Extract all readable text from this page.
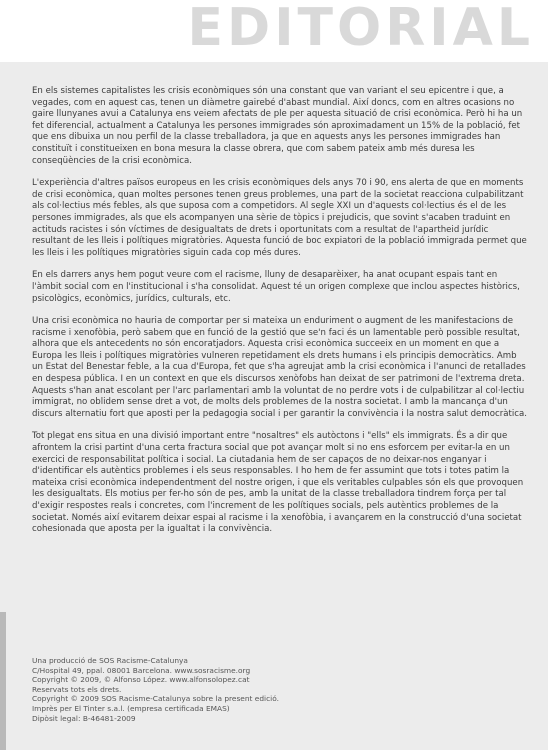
EDITORIAL

En els sistemes capitalistes les crisis econòmiques són una constant que van variant el seu epicentre i que, a vegades, com en aquest cas, tenen un diàmetre gairebé d'abast mundial. Així doncs, com en altres ocasions no gaire llunyanes avui a Catalunya ens veiem afectats de ple per aquesta situació de crisi econòmica. Però hi ha un fet diferencial, actualment a Catalunya les persones immigrades són aproximadament un 15% de la població, fet que ens dibuixa un nou perfil de la classe treballadora, ja que en aquests anys les persones immigrades han constituït i constitueixen en bona mesura la classe obrera, que com sabem pateix amb més duresa les conseqüències de la crisi econòmica.

L'experiència d'altres països europeus en les crisis econòmiques dels anys 70 i 90, ens alerta de que en moments de crisi econòmica, quan moltes persones tenen greus problemes, una part de la societat reacciona culpabilitzant als col·lectius més febles, als que suposa com a competidors. Al segle XXI un d'aquests col·lectius és el de les persones immigrades, als que els acompanyen una sèrie de tòpics i prejudicis, que sovint s'acaben traduint en actituds racistes i són víctimes de desigualtats de drets i oportunitats com a resultat de l'apartheid jurídic resultant de les lleis i polítiques migratòries. Aquesta funció de boc expiatori de la població immigrada permet que les lleis i les polítiques migratòries siguin cada cop més dures.

En els darrers anys hem pogut veure com el racisme, lluny de desaparèixer, ha anat ocupant espais tant en l'àmbit social com en l'institucional i s'ha consolidat. Aquest té un origen complexe que inclou aspectes històrics, psicològics, econòmics, jurídics, culturals, etc.

Una crisi econòmica no hauria de comportar per si mateixa un enduriment o augment de les manifestacions de racisme i xenofòbia, però sabem que en funció de la gestió que se'n faci és un lamentable però possible resultat, alhora que els antecedents no són encoratjadors. Aquesta crisi econòmica succeeix en un moment en que a Europa les lleis i polítiques migratòries vulneren repetidament els drets humans i els principis democràtics. Amb un Estat del Benestar feble, a la cua d'Europa, fet que s'ha agreujat amb la crisi econòmica i l'anunci de retallades en despesa pública. I en un context en que els discursos xenòfobs han deixat de ser patrimoni de l'extrema dreta. Aquests s'han anat escolant per l'arc parlamentari amb la voluntat de no perdre vots i de culpabilitzar al col·lectiu immigrat, no oblidem sense dret a vot, de molts dels problemes de la nostra societat. I amb la mancança d'un discurs alternatiu fort que aposti per la pedagogia social i per garantir la convivència i la nostra salut democràtica.

Tot plegat ens situa en una divisió important entre "nosaltres" els autòctons i "ells" els immigrats. És a dir que afrontem la crisi partint d'una certa fractura social que pot avançar molt si no ens esforcem per evitar-la en un exercici de responsabilitat política i social. La ciutadania hem de ser capaços de no deixar-nos enganyar i d'identificar els autèntics problemes i els seus responsables. I ho hem de fer assumint que tots i totes patim la mateixa crisi econòmica independentment del nostre origen, i que els veritables culpables són els que provoquen les desigualtats. Els motius per fer-ho són de pes, amb la unitat de la classe treballadora tindrem força per tal d'exigir respostes reals i concretes, com l'increment de les polítiques socials, pels autèntics problemes de la societat. Només així evitarem deixar espai al racisme i la xenofòbia, i avançarem en la construcció d'una societat cohesionada que aposta per la igualtat i la convivència.

Una producció de SOS Racisme-Catalunya
C/Hospital 49, ppal. 08001 Barcelona. www.sosracisme.org
Copyright © 2009, © Alfonso López. www.alfonsolopez.cat
Reservats tots els drets.
Copyright © 2009 SOS Racisme-Catalunya sobre la present edició.
Imprès per El Tinter s.a.l. (empresa certificada EMAS)
Dipòsit legal: B-46481-2009
